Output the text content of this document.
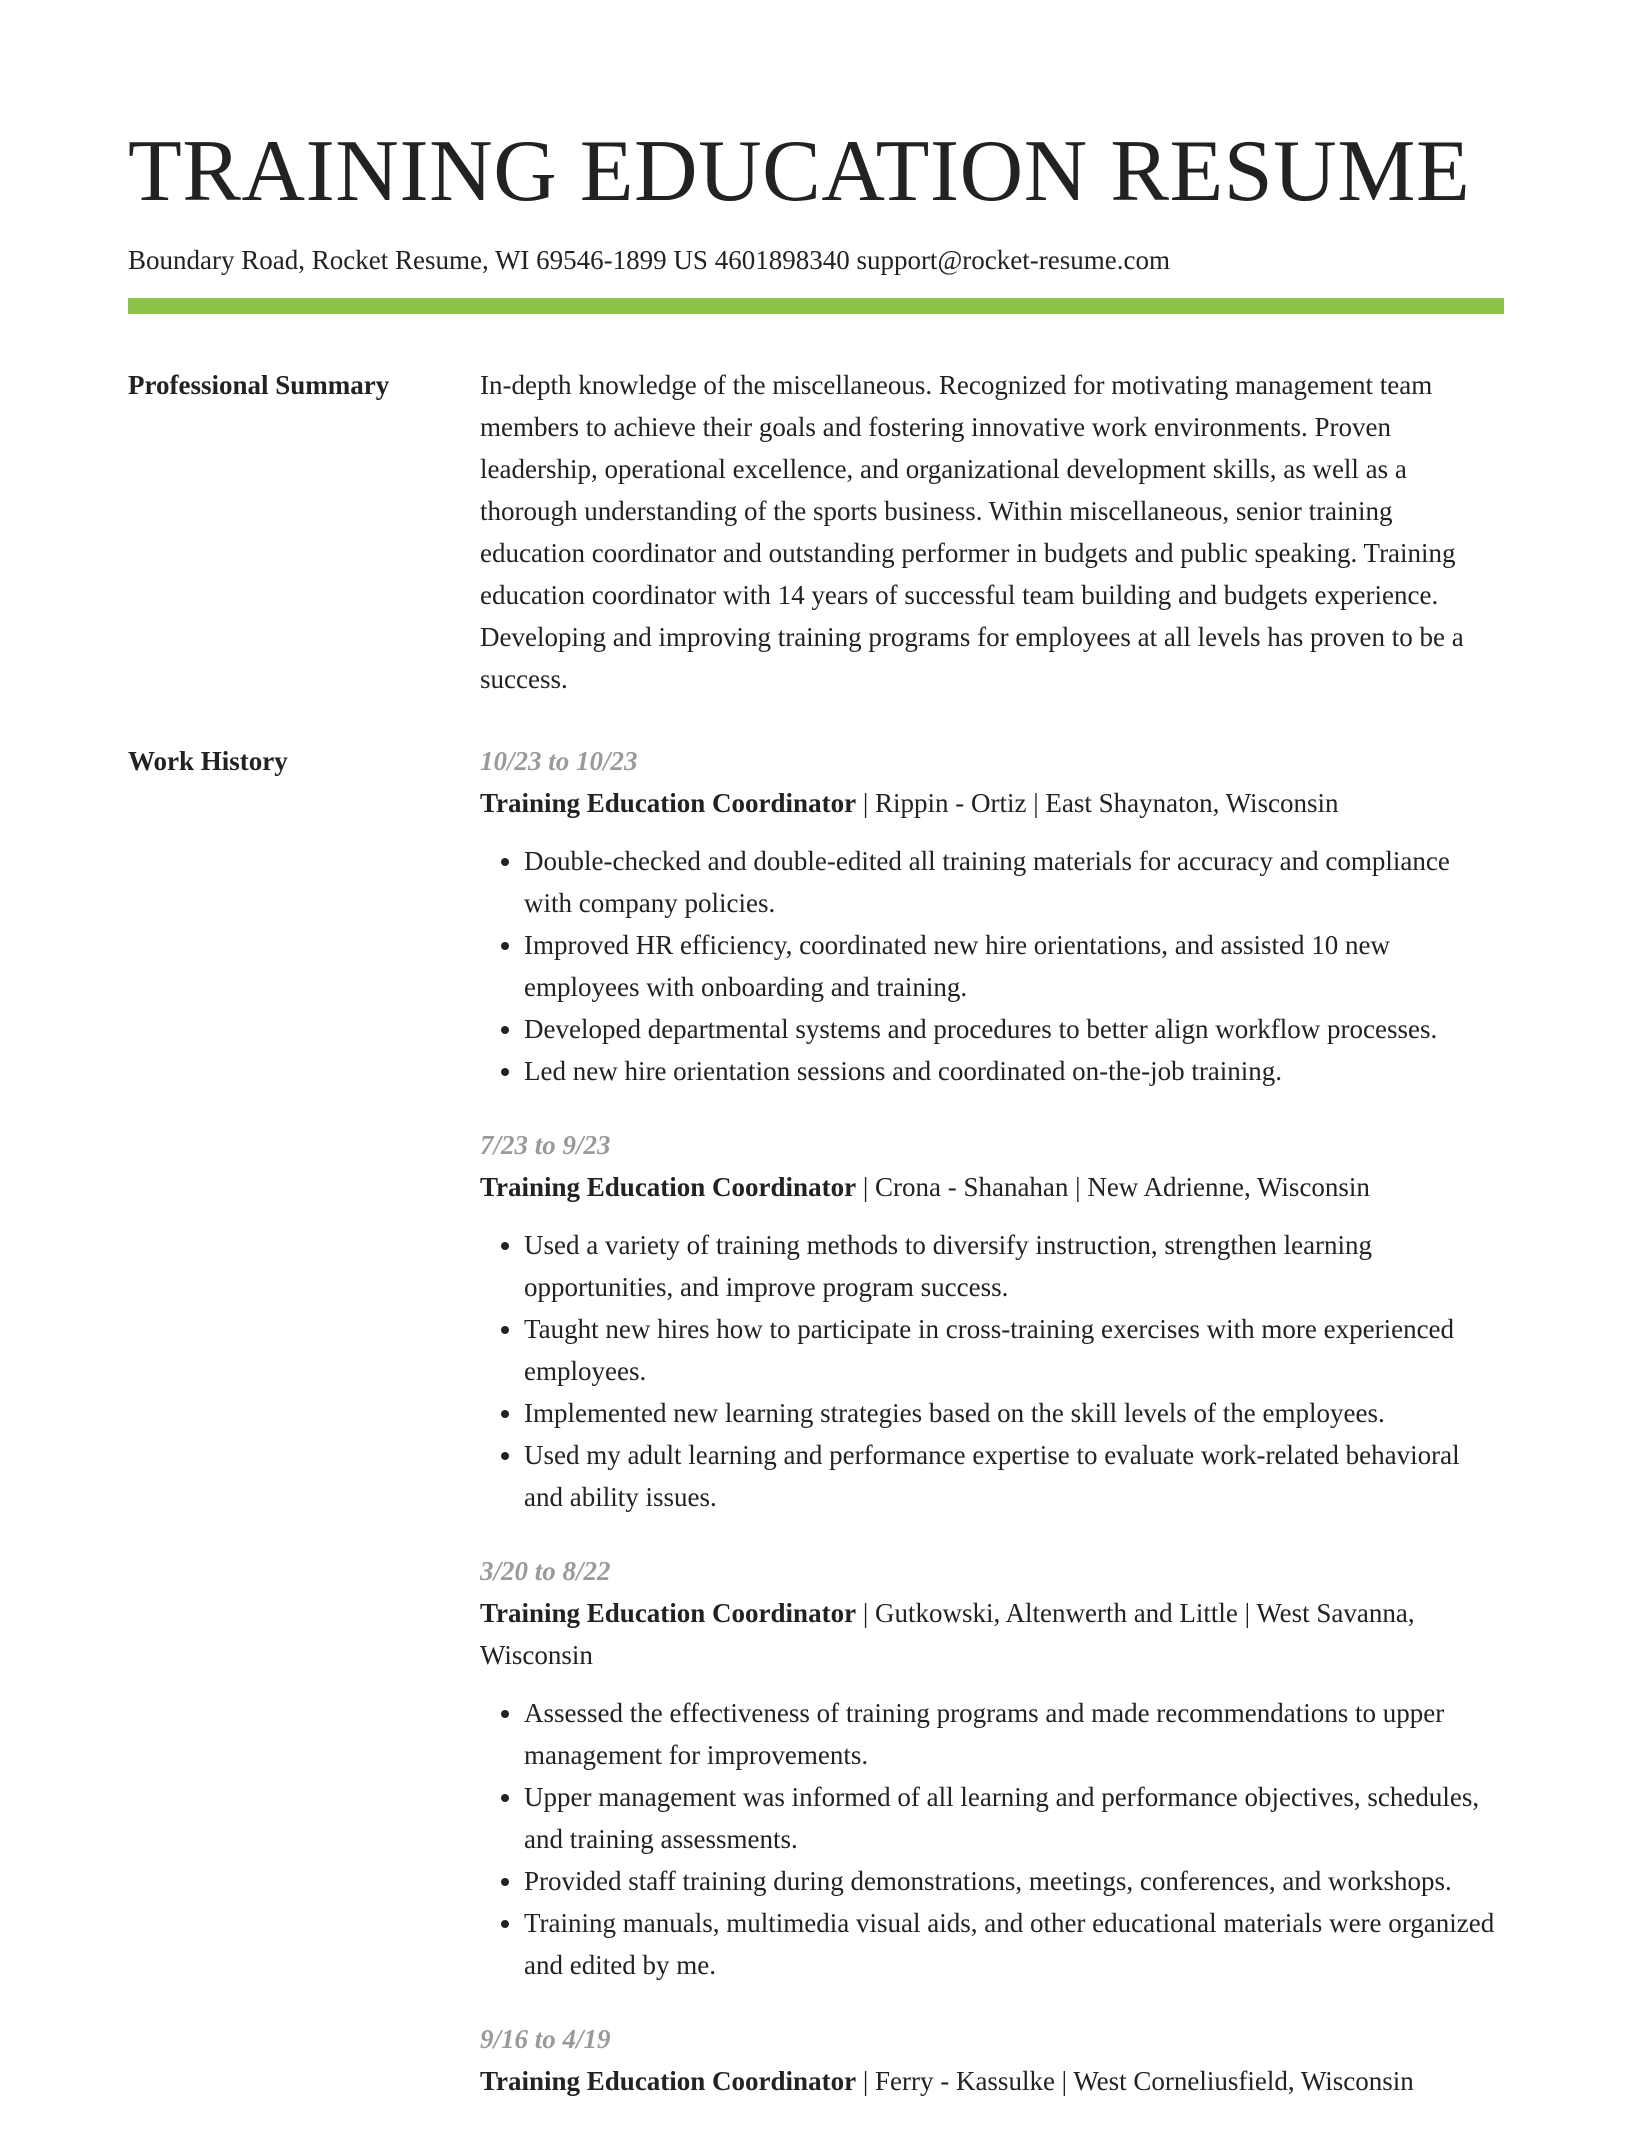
TRAINING EDUCATION RESUME
Boundary Road, Rocket Resume, WI 69546-1899 US 4601898340 support@rocket-resume.com
Professional Summary	In-depth knowledge of the miscellaneous. Recognized for motivating management team members to achieve their goals and fostering innovative work environments. Proven leadership, operational excellence, and organizational development skills, as well as a thorough understanding of the sports business. Within miscellaneous, senior training education coordinator and outstanding performer in budgets and public speaking. Training education coordinator with 14 years of successful team building and budgets experience. Developing and improving training programs for employees at all levels has proven to be a success.

Work History	10/23 to 10/23
Training Education Coordinator | Rippin - Ortiz | East Shaynaton, Wisconsin
• Double-checked and double-edited all training materials for accuracy and compliance with company policies.
• Improved HR efficiency, coordinated new hire orientations, and assisted 10 new employees with onboarding and training.
• Developed departmental systems and procedures to better align workflow processes.
• Led new hire orientation sessions and coordinated on-the-job training.
7/23 to 9/23
Training Education Coordinator | Crona - Shanahan | New Adrienne, Wisconsin
• Used a variety of training methods to diversify instruction, strengthen learning opportunities, and improve program success.
• Taught new hires how to participate in cross-training exercises with more experienced employees.
• Implemented new learning strategies based on the skill levels of the employees.
• Used my adult learning and performance expertise to evaluate work-related behavioral and ability issues.
3/20 to 8/22
Training Education Coordinator | Gutkowski, Altenwerth and Little | West Savanna, Wisconsin
• Assessed the effectiveness of training programs and made recommendations to upper management for improvements.
• Upper management was informed of all learning and performance objectives, schedules, and training assessments.
• Provided staff training during demonstrations, meetings, conferences, and workshops.
• Training manuals, multimedia visual aids, and other educational materials were organized and edited by me.
9/16 to 4/19
Training Education Coordinator | Ferry - Kassulke | West Corneliusfield, Wisconsin
